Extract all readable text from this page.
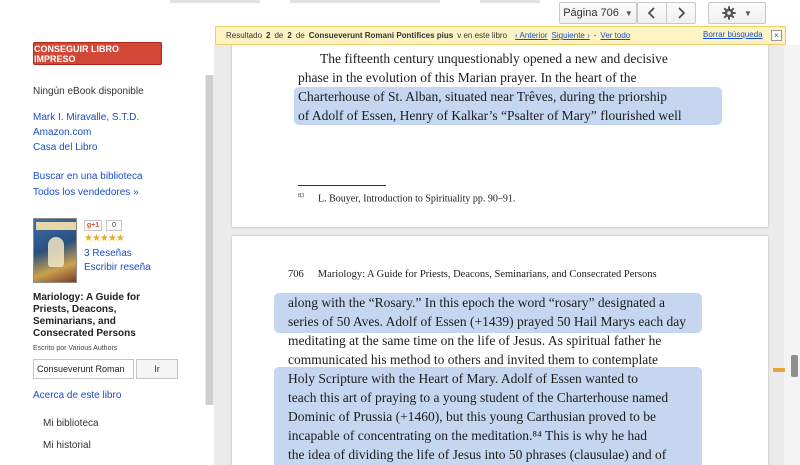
Página 706 ▼	▼
Resultado 2 de 2 de Consueverunt Romani Pontifices pius v en este libro ‹ Anterior Siguiente › - Ver todo	Borrar búsqueda	×
CONSEGUIR LIBRO IMPRESO
Ningún eBook disponible
Mark I. Miravalle, S.T.D.
Amazon.com
Casa del Libro
Buscar en una biblioteca
Todos los vendedores »
g+1	0
★★★★★
3 Reseñas
Escribir reseña
Mariology: A Guide for Priests, Deacons, Seminarians, and Consecrated Persons
Escrito por Various Authors
Consueverunt Roman	Ir
Acerca de este libro
Mi biblioteca
Mi historial
The fifteenth century unquestionably opened a new and decisive
phase in the evolution of this Marian prayer. In the heart of the
Charterhouse of St. Alban, situated near Trêves, during the priorship
of Adolf of Essen, Henry of Kalkar’s “Psalter of Mary” flourished well
$^{83}$ L. Bouyer, Introduction to Spirituality pp. 90–91.
706 Mariology: A Guide for Priests, Deacons, Seminarians, and Consecrated Persons
along with the “Rosary.” In this epoch the word “rosary” designated a
series of 50 Aves. Adolf of Essen (+1439) prayed 50 Hail Marys each day
meditating at the same time on the life of Jesus. As spiritual father he
communicated his method to others and invited them to contemplate
Holy Scripture with the Heart of Mary. Adolf of Essen wanted to
teach this art of praying to a young student of the Charterhouse named
Dominic of Prussia (+1460), but this young Carthusian proved to be
incapable of concentrating on the meditation.⁸⁴ This is why he had
the idea of dividing the life of Jesus into 50 phrases (clausulae) and of
